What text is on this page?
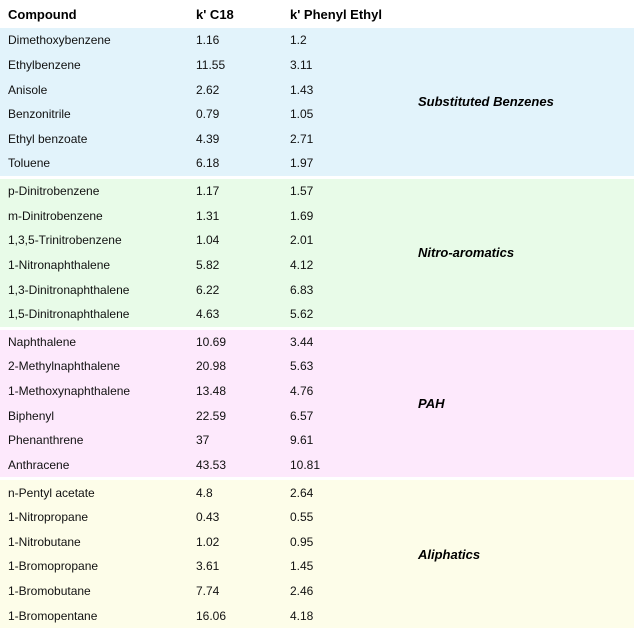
Compound	k' C18	k' Phenyl Ethyl
Dimethoxybenzene	1.16	1.2
Ethylbenzene	11.55	3.11
Anisole	2.62	1.43
Benzonitrile	0.79	1.05
Ethyl benzoate	4.39	2.71
Toluene	6.18	1.97
Substituted Benzenes
p-Dinitrobenzene	1.17	1.57
m-Dinitrobenzene	1.31	1.69
1,3,5-Trinitrobenzene	1.04	2.01
1-Nitronaphthalene	5.82	4.12
1,3-Dinitronaphthalene	6.22	6.83
1,5-Dinitronaphthalene	4.63	5.62
Nitro-aromatics
Naphthalene	10.69	3.44
2-Methylnaphthalene	20.98	5.63
1-Methoxynaphthalene	13.48	4.76
Biphenyl	22.59	6.57
Phenanthrene	37	9.61
Anthracene	43.53	10.81
PAH
n-Pentyl acetate	4.8	2.64
1-Nitropropane	0.43	0.55
1-Nitrobutane	1.02	0.95
1-Bromopropane	3.61	1.45
1-Bromobutane	7.74	2.46
1-Bromopentane	16.06	4.18
Aliphatics
